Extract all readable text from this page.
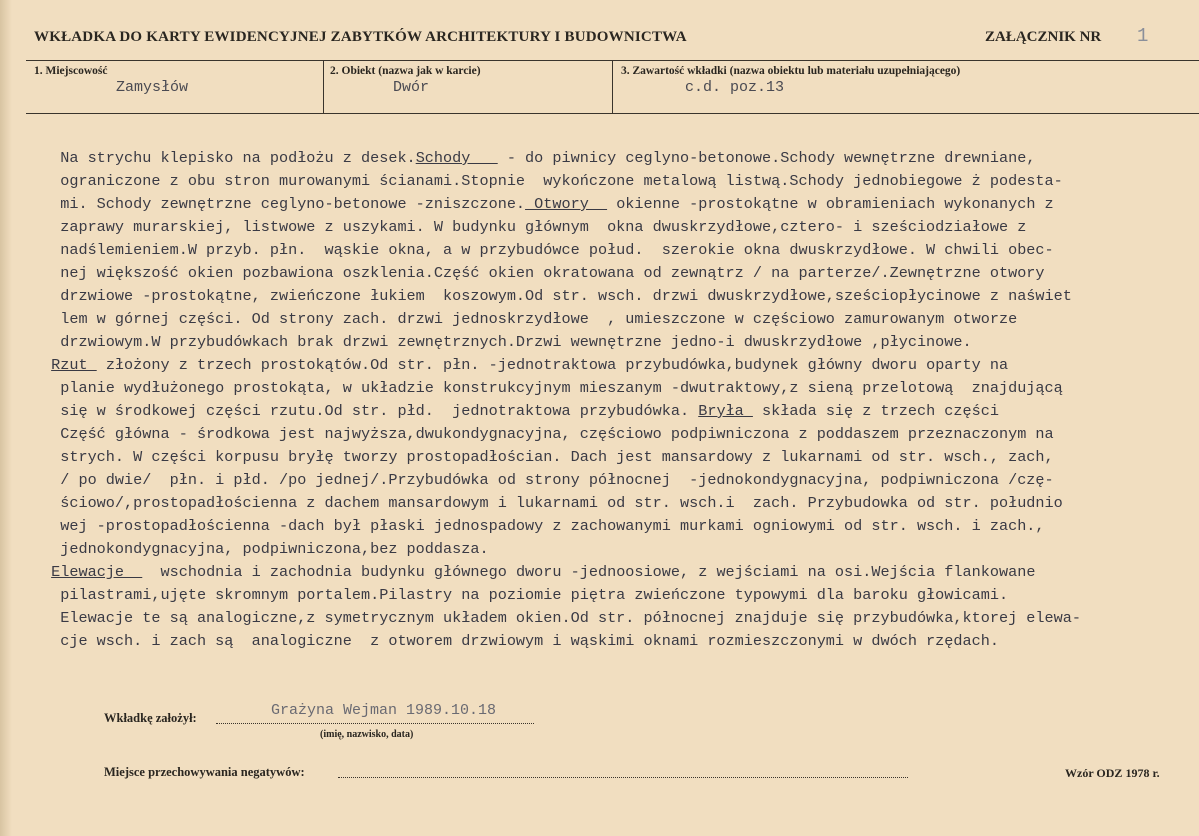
WKŁADKA DO KARTY EWIDENCYJNEJ ZABYTKÓW ARCHITEKTURY I BUDOWNICTWA	ZAŁĄCZNIK NR 1
1. Miejscowość
Zamysłów
2. Obiekt (nazwa jak w karcie)
Dwór
3. Zawartość wkładki (nazwa obiektu lub materiału uzupełniającego)
c.d. poz.13
Na strychu klepisko na podłożu z desek.Schody    - do piwnicy ceglyno-betonowe.Schody wewnętrzne drewniane,
ograniczone z obu stron murowanymi ścianami.Stopnie  wykończone metalową listwą.Schody jednobiegowe ż podesta-
mi. Schody zewnętrzne ceglyno-betonowe -zniszczone. Otwory   okienne -prostokątne w obramieniach wykonanych z
zaprawy murarskiej, listwowe z uszykami. W budynku głównym  okna dwuskrzydłowe,cztero- i sześciodziałowe z
nadślemieniem.W przyb. płn.  wąskie okna, a w przybudówce połud.  szerokie okna dwuskrzydłowe. W chwili obec-
nej większość okien pozbawiona oszklenia.Część okien okratowana od zewnątrz / na parterze/.Zewnętrzne otwory
drzwiowe -prostokątne, zwieńczone łukiem  koszowym.Od str. wsch. drzwi dwuskrzydłowe,sześciopłycinowe z naświet
lem w górnej części. Od strony zach. drzwi jednoskrzydłowe  , umieszczone w częściowo zamurowanym otworze
drzwiowym.W przybudówkach brak drzwi zewnętrznych.Drzwi wewnętrzne jedno-i dwuskrzydłowe ,płycinowe.
Rzut  złożony z trzech prostokątów.Od str. płn. -jednotraktowa przybudówka,budynek główny dworu oparty na
planie wydłużonego prostokąta, w układzie konstrukcyjnym mieszanym -dwutraktowy,z sieną przelotową  znajdującą
się w środkowej części rzutu.Od str. płd.  jednotraktowa przybudówka. Bryła  składa się z trzech części
Część główna - środkowa jest najwyższa,dwukondygnacyjna, częściowo podpiwniczona z poddaszem przeznaczonym na
strych. W części korpusu bryłę tworzy prostopadłościan. Dach jest mansardowy z lukarnami od str. wsch., zach,
/ po dwie/  płn. i płd. /po jednej/.Przybudówka od strony północnej  -jednokondygnacyjna, podpiwniczona /czę-
ściowo/,prostopadłościenna z dachem mansardowym i lukarnami od str. wsch.i  zach. Przybudowka od str. południo
wej -prostopadłościenna -dach był płaski jednospadowy z zachowanymi murkami ogniowymi od str. wsch. i zach.,
jednokondygnacyjna, podpiwniczona,bez poddasza.
Elewacje    wschodnia i zachodnia budynku głównego dworu -jednoosiowe, z wejściami na osi.Wejścia flankowane
pilastrami,ujęte skromnym portalem.Pilastry na poziomie piętra zwieńczone typowymi dla baroku głowicami.
Elewacje te są analogiczne,z symetrycznym układem okien.Od str. północnej znajduje się przybudówka,ktorej elewa-
cje wsch. i zach są  analogiczne  z otworem drzwiowym i wąskimi oknami rozmieszczonymi w dwóch rzędach.
Wkładkę założył:	Grażyna Wejman 1989.10.18
(imię, nazwisko, data)
Miejsce przechowywania negatywów:	Wzór ODZ 1978 r.
